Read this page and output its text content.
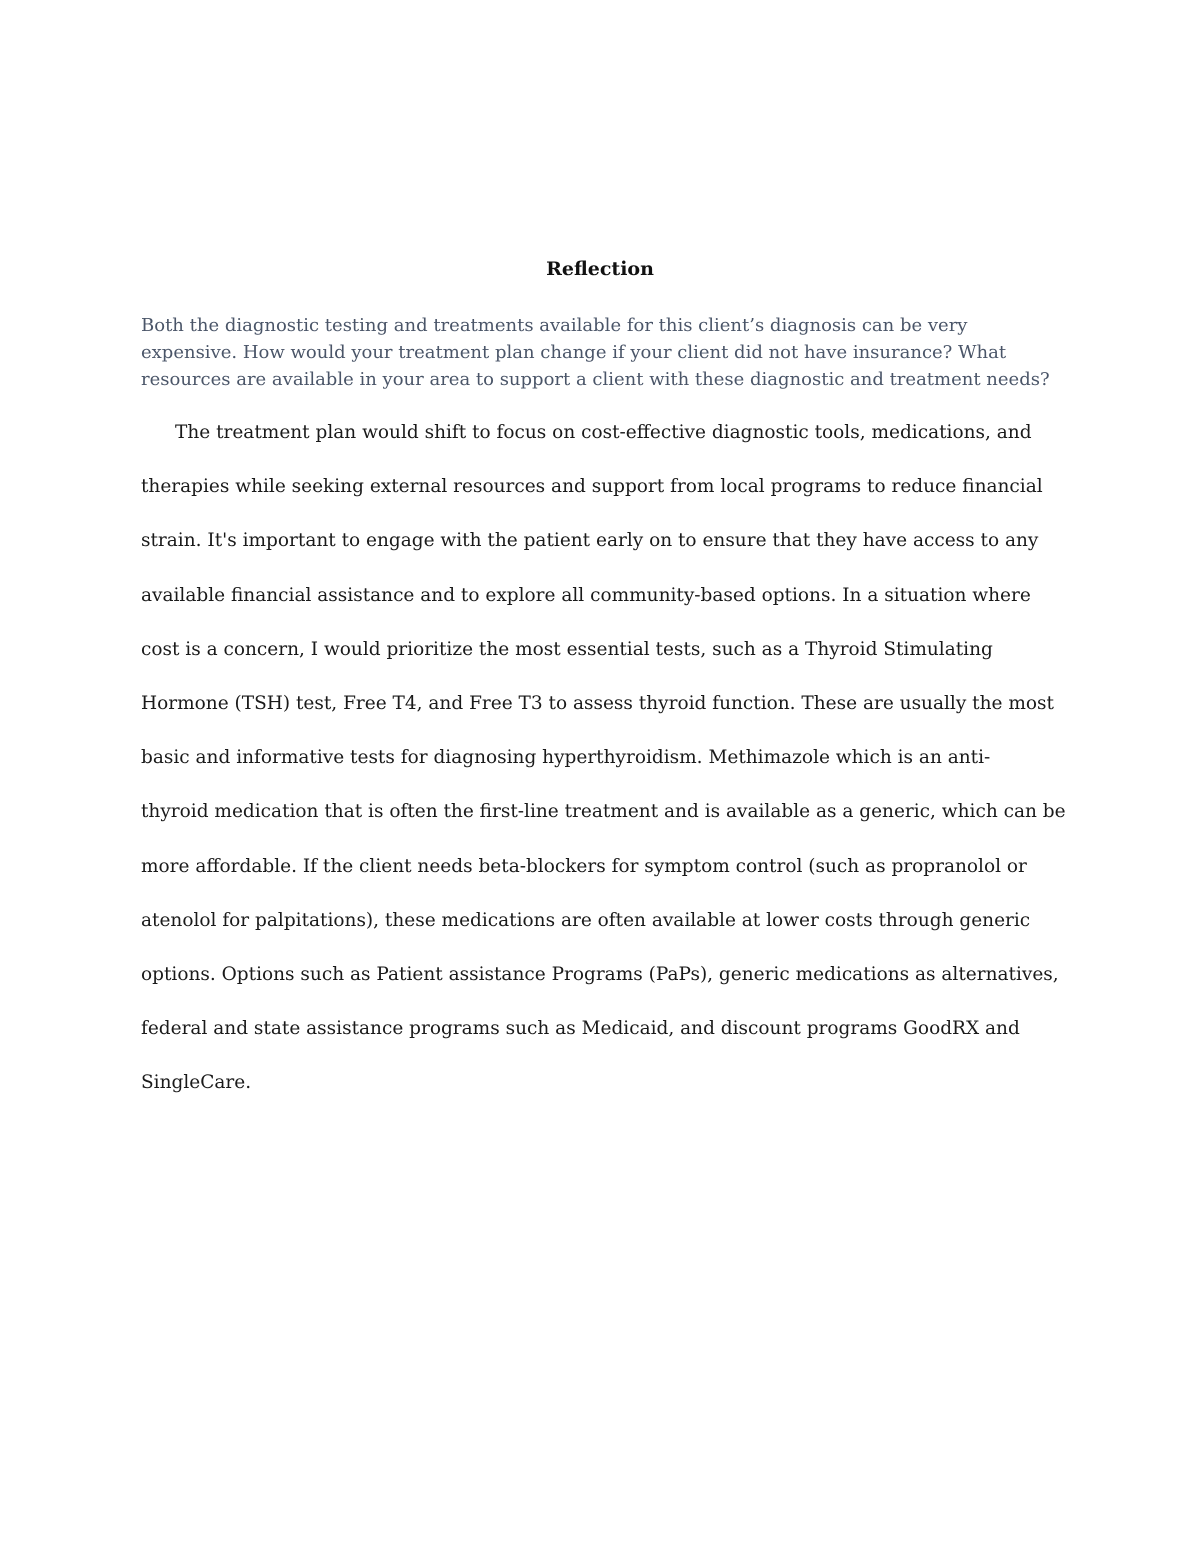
Reflection
Both the diagnostic testing and treatments available for this client’s diagnosis can be very
expensive. How would your treatment plan change if your client did not have insurance? What
resources are available in your area to support a client with these diagnostic and treatment needs?
The treatment plan would shift to focus on cost-effective diagnostic tools, medications, and
therapies while seeking external resources and support from local programs to reduce financial
strain. It's important to engage with the patient early on to ensure that they have access to any
available financial assistance and to explore all community-based options. In a situation where
cost is a concern, I would prioritize the most essential tests, such as a Thyroid Stimulating
Hormone (TSH) test, Free T4, and Free T3 to assess thyroid function. These are usually the most
basic and informative tests for diagnosing hyperthyroidism. Methimazole which is an anti-
thyroid medication that is often the first-line treatment and is available as a generic, which can be
more affordable. If the client needs beta-blockers for symptom control (such as propranolol or
atenolol for palpitations), these medications are often available at lower costs through generic
options. Options such as Patient assistance Programs (PaPs), generic medications as alternatives,
federal and state assistance programs such as Medicaid, and discount programs GoodRX and
SingleCare.
